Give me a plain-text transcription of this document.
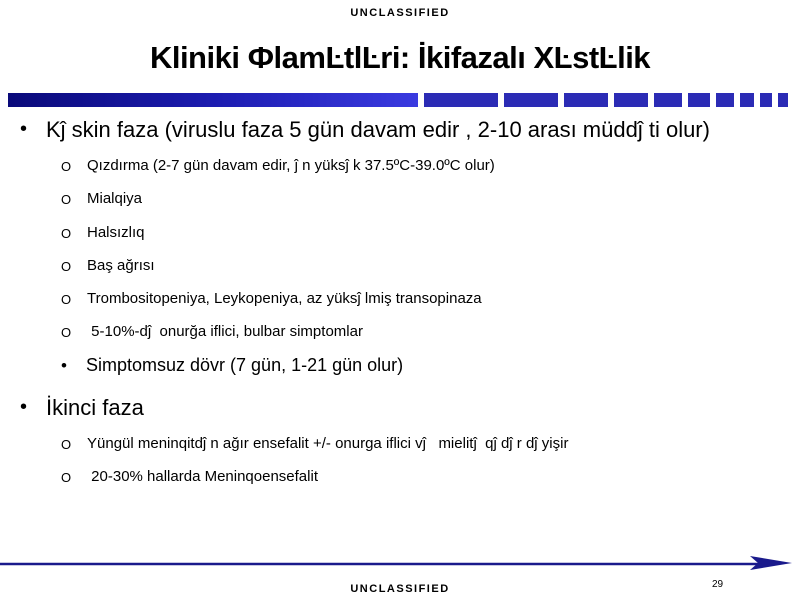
UNCLASSIFIED
Kliniki ФlamĿtlĿri: İkifazalı XĿstĿlik
• Kĵ skin faza (viruslu faza 5 gün davam edir , 2-10 arası müddĵ ti olur)
O Qızdırma (2-7 gün davam edir, ĵ n yüksĵ k 37.5ºC-39.0ºC olur)
O Mialqiya
O Halsızlıq
O Baş ağrısı
O Trombositopeniya, Leykopeniya, az yüksĵ lmiş transopinaza
O 5-10%-dĵ  onurğa iflici, bulbar simptomlar
• Simptomsuz dövr (7 gün, 1-21 gün olur)
• İkinci faza
O Yüngül meninqitdĵ n ağır ensefalit +/- onurga iflici vĵ   mielitĵ  qĵ dĵ r dĵ yişir
O 20-30% hallarda Meninqoensefalit
29
UNCLASSIFIED
